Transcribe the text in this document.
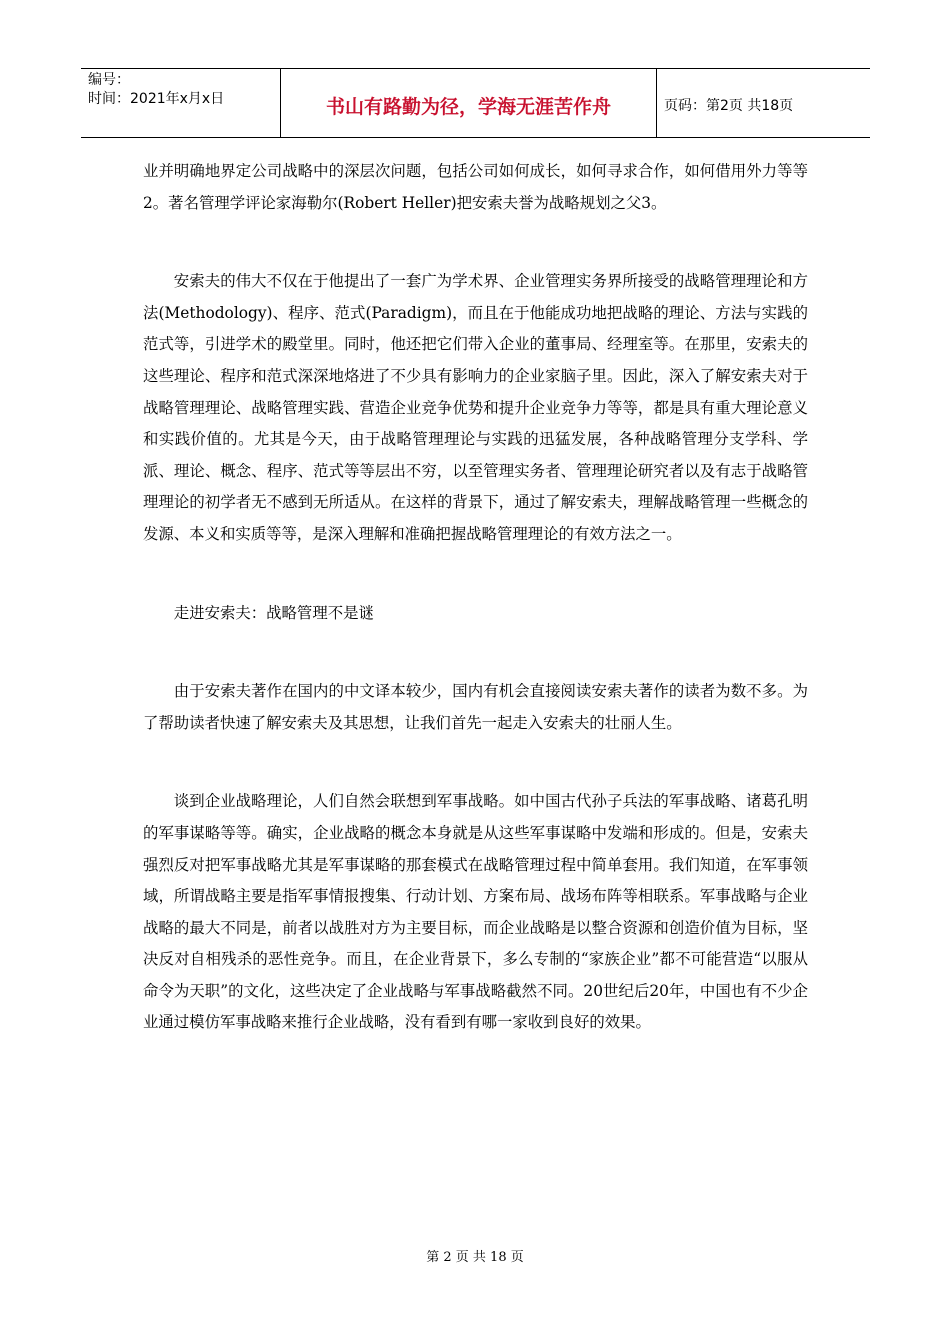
编号：
时间：2021年x月x日	书山有路勤为径，学海无涯苦作舟	页码：第2页 共18页

业并明确地界定公司战略中的深层次问题，包括公司如何成长，如何寻求合作，如何借用外力等等2。著名管理学评论家海勒尔(Robert Heller)把安索夫誉为战略规划之父3。

安索夫的伟大不仅在于他提出了一套广为学术界、企业管理实务界所接受的战略管理理论和方法(Methodology)、程序、范式(Paradigm)，而且在于他能成功地把战略的理论、方法与实践的范式等，引进学术的殿堂里。同时，他还把它们带入企业的董事局、经理室等。在那里，安索夫的这些理论、程序和范式深深地烙进了不少具有影响力的企业家脑子里。因此，深入了解安索夫对于战略管理理论、战略管理实践、营造企业竞争优势和提升企业竞争力等等，都是具有重大理论意义和实践价值的。尤其是今天，由于战略管理理论与实践的迅猛发展，各种战略管理分支学科、学派、理论、概念、程序、范式等等层出不穷，以至管理实务者、管理理论研究者以及有志于战略管理理论的初学者无不感到无所适从。在这样的背景下，通过了解安索夫，理解战略管理一些概念的发源、本义和实质等等，是深入理解和准确把握战略管理理论的有效方法之一。

走进安索夫：战略管理不是谜

由于安索夫著作在国内的中文译本较少，国内有机会直接阅读安索夫著作的读者为数不多。为了帮助读者快速了解安索夫及其思想，让我们首先一起走入安索夫的壮丽人生。

谈到企业战略理论，人们自然会联想到军事战略。如中国古代孙子兵法的军事战略、诸葛孔明的军事谋略等等。确实，企业战略的概念本身就是从这些军事谋略中发端和形成的。但是，安索夫强烈反对把军事战略尤其是军事谋略的那套模式在战略管理过程中简单套用。我们知道，在军事领域，所谓战略主要是指军事情报搜集、行动计划、方案布局、战场布阵等相联系。军事战略与企业战略的最大不同是，前者以战胜对方为主要目标，而企业战略是以整合资源和创造价值为目标，坚决反对自相残杀的恶性竞争。而且，在企业背景下，多么专制的“家族企业”都不可能营造“以服从命令为天职”的文化，这些决定了企业战略与军事战略截然不同。20世纪后20年，中国也有不少企业通过模仿军事战略来推行企业战略，没有看到有哪一家收到良好的效果。

第 2 页 共 18 页
